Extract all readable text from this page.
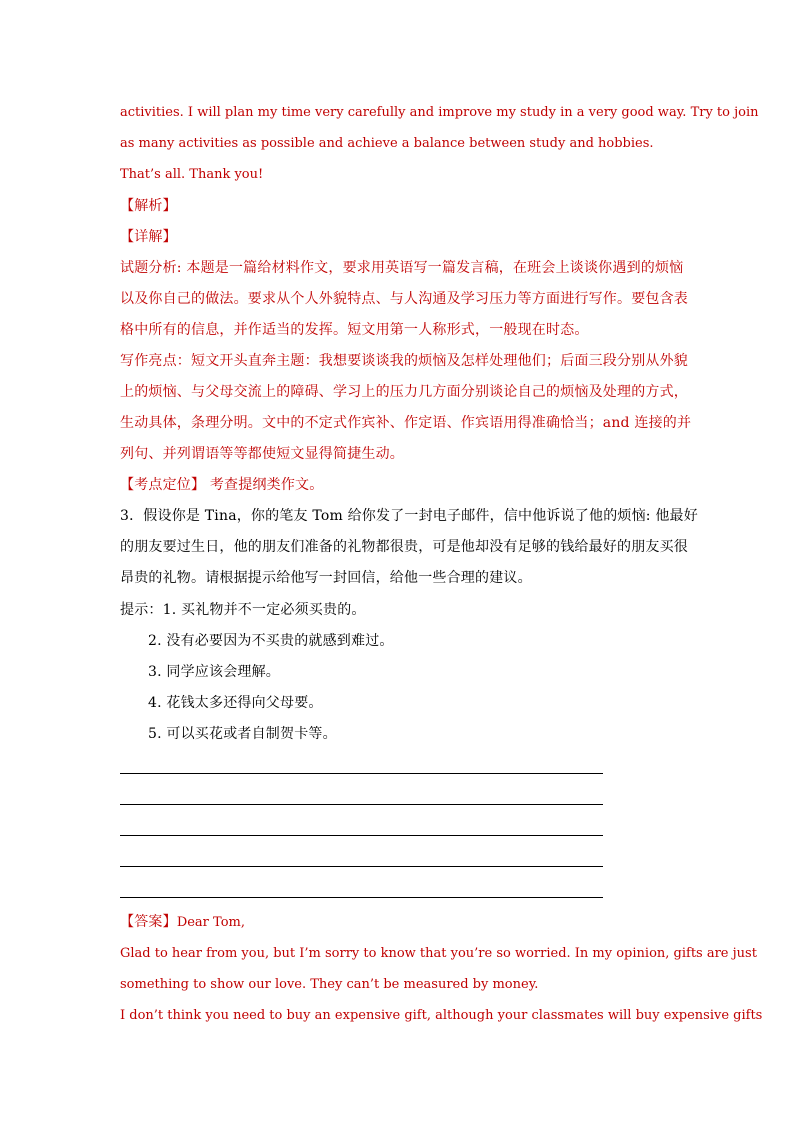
activities. I will plan my time very carefully and improve my study in a very good way. Try to join
as many activities as possible and achieve a balance between study and hobbies.
That’s all. Thank you!
【解析】
【详解】
试题分析: 本题是一篇给材料作文，要求用英语写一篇发言稿，在班会上谈谈你遇到的烦恼
以及你自己的做法。要求从个人外貌特点、与人沟通及学习压力等方面进行写作。要包含表
格中所有的信息，并作适当的发挥。短文用第一人称形式，一般现在时态。
写作亮点：短文开头直奔主题：我想要谈谈我的烦恼及怎样处理他们；后面三段分别从外貌
上的烦恼、与父母交流上的障碍、学习上的压力几方面分别谈论自己的烦恼及处理的方式，
生动具体，条理分明。文中的不定式作宾补、作定语、作宾语用得准确恰当；and 连接的并
列句、并列谓语等等都使短文显得简捷生动。
【考点定位】 考查提纲类作文。
3．假设你是 Tina，你的笔友 Tom 给你发了一封电子邮件，信中他诉说了他的烦恼: 他最好
的朋友要过生日，他的朋友们准备的礼物都很贵，可是他却没有足够的钱给最好的朋友买很
昂贵的礼物。请根据提示给他写一封回信，给他一些合理的建议。
提示：1. 买礼物并不一定必须买贵的。
2. 没有必要因为不买贵的就感到难过。
3. 同学应该会理解。
4. 花钱太多还得向父母要。
5. 可以买花或者自制贺卡等。
【答案】Dear Tom,
Glad to hear from you, but I’m sorry to know that you’re so worried. In my opinion, gifts are just
something to show our love. They can’t be measured by money.
I don’t think you need to buy an expensive gift, although your classmates will buy expensive gifts
